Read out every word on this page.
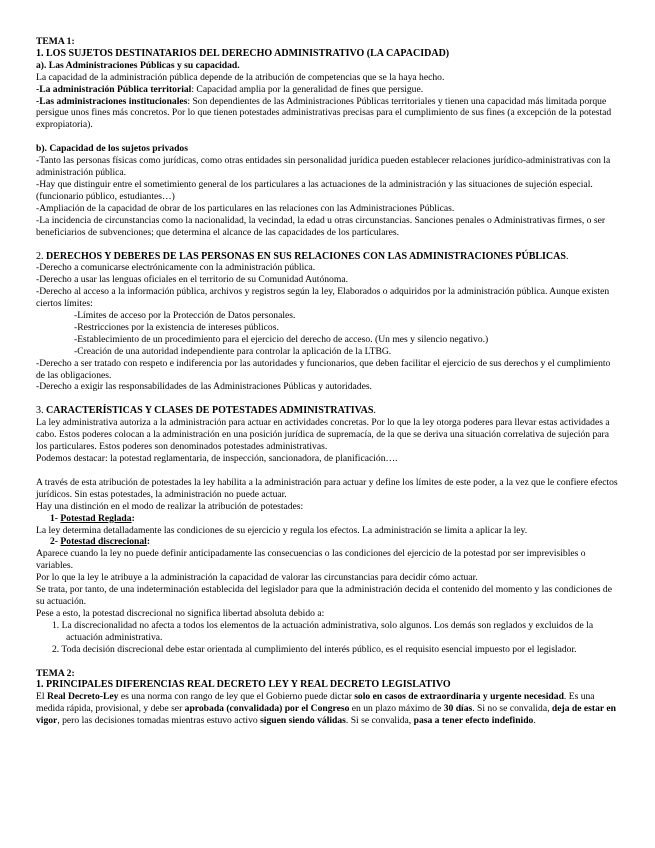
TEMA 1:

1. LOS SUJETOS DESTINATARIOS DEL DERECHO ADMINISTRATIVO (LA CAPACIDAD)

a). Las Administraciones Públicas y su capacidad.

La capacidad de la administración pública depende de la atribución de competencias que se la haya hecho.

-La administración Pública territorial: Capacidad amplia por la generalidad de fines que persigue.

-Las administraciones institucionales: Son dependientes de las Administraciones Públicas territoriales y tienen una capacidad más limitada porque persigue unos fines más concretos. Por lo que tienen potestades administrativas precisas para el cumplimiento de sus fines (a excepción de la potestad expropiatoria).

b). Capacidad de los sujetos privados

-Tanto las personas físicas como jurídicas, como otras entidades sin personalidad jurídica pueden establecer relaciones jurídico-administrativas con la administración pública.

-Hay que distinguir entre el sometimiento general de los particulares a las actuaciones de la administración y las situaciones de sujeción especial. (funcionario público, estudiantes…)

-Ampliación de la capacidad de obrar de los particulares en las relaciones con las Administraciones Públicas.

-La incidencia de circunstancias como la nacionalidad, la vecindad, la edad u otras circunstancias. Sanciones penales o Administrativas firmes, o ser beneficiarios de subvenciones; que determina el alcance de las capacidades de los particulares.

2. DERECHOS Y DEBERES DE LAS PERSONAS EN SUS RELACIONES CON LAS ADMINISTRACIONES PÚBLICAS.

-Derecho a comunicarse electrónicamente con la administración pública.

-Derecho a usar las lenguas oficiales en el territorio de su Comunidad Autónoma.

-Derecho al acceso a la información pública, archivos y registros según la ley, Elaborados o adquiridos por la administración pública. Aunque existen ciertos límites:

-Límites de acceso por la Protección de Datos personales.

-Restricciones por la existencia de intereses públicos.

-Establecimiento de un procedimiento para el ejercicio del derecho de acceso. (Un mes y silencio negativo.)

-Creación de una autoridad independiente para controlar la aplicación de la LTBG.

-Derecho a ser tratado con respeto e indiferencia por las autoridades y funcionarios, que deben facilitar el ejercicio de sus derechos y el cumplimiento de las obligaciones.

-Derecho a exigir las responsabilidades de las Administraciones Públicas y autoridades.

3. CARACTERÍSTICAS Y CLASES DE POTESTADES ADMINISTRATIVAS.

La ley administrativa autoriza a la administración para actuar en actividades concretas. Por lo que la ley otorga poderes para llevar estas actividades a cabo. Estos poderes colocan a la administración en una posición jurídica de supremacía, de la que se deriva una situación correlativa de sujeción para los particulares. Estos poderes son denominados potestades administrativas.

Podemos destacar: la potestad reglamentaria, de inspección, sancionadora, de planificación….

A través de esta atribución de potestades la ley habilita a la administración para actuar y define los límites de este poder, a la vez que le confiere efectos jurídicos. Sin estas potestades, la administración no puede actuar.

Hay una distinción en el modo de realizar la atribución de potestades:

1- Potestad Reglada:

La ley determina detalladamente las condiciones de su ejercicio y regula los efectos. La administración se limita a aplicar la ley.

2- Potestad discrecional:

Aparece cuando la ley no puede definir anticipadamente las consecuencias o las condiciones del ejercicio de la potestad por ser imprevisibles o variables.

Por lo que la ley le atribuye a la administración la capacidad de valorar las circunstancias para decidir cómo actuar.

Se trata, por tanto, de una indeterminación establecida del legislador para que la administración decida el contenido del momento y las condiciones de su actuación.

Pese a esto, la potestad discrecional no significa libertad absoluta debido a:

1. La discrecionalidad no afecta a todos los elementos de la actuación administrativa, solo algunos. Los demás son reglados y excluidos de la actuación administrativa.

2. Toda decisión discrecional debe estar orientada al cumplimiento del interés público, es el requisito esencial impuesto por el legislador.

TEMA 2:

1. PRINCIPALES DIFERENCIAS REAL DECRETO LEY Y REAL DECRETO LEGISLATIVO

El Real Decreto-Ley es una norma con rango de ley que el Gobierno puede dictar solo en casos de extraordinaria y urgente necesidad. Es una medida rápida, provisional, y debe ser aprobada (convalidada) por el Congreso en un plazo máximo de 30 días. Si no se convalida, deja de estar en vigor, pero las decisiones tomadas mientras estuvo activo siguen siendo válidas. Si se convalida, pasa a tener efecto indefinido.
